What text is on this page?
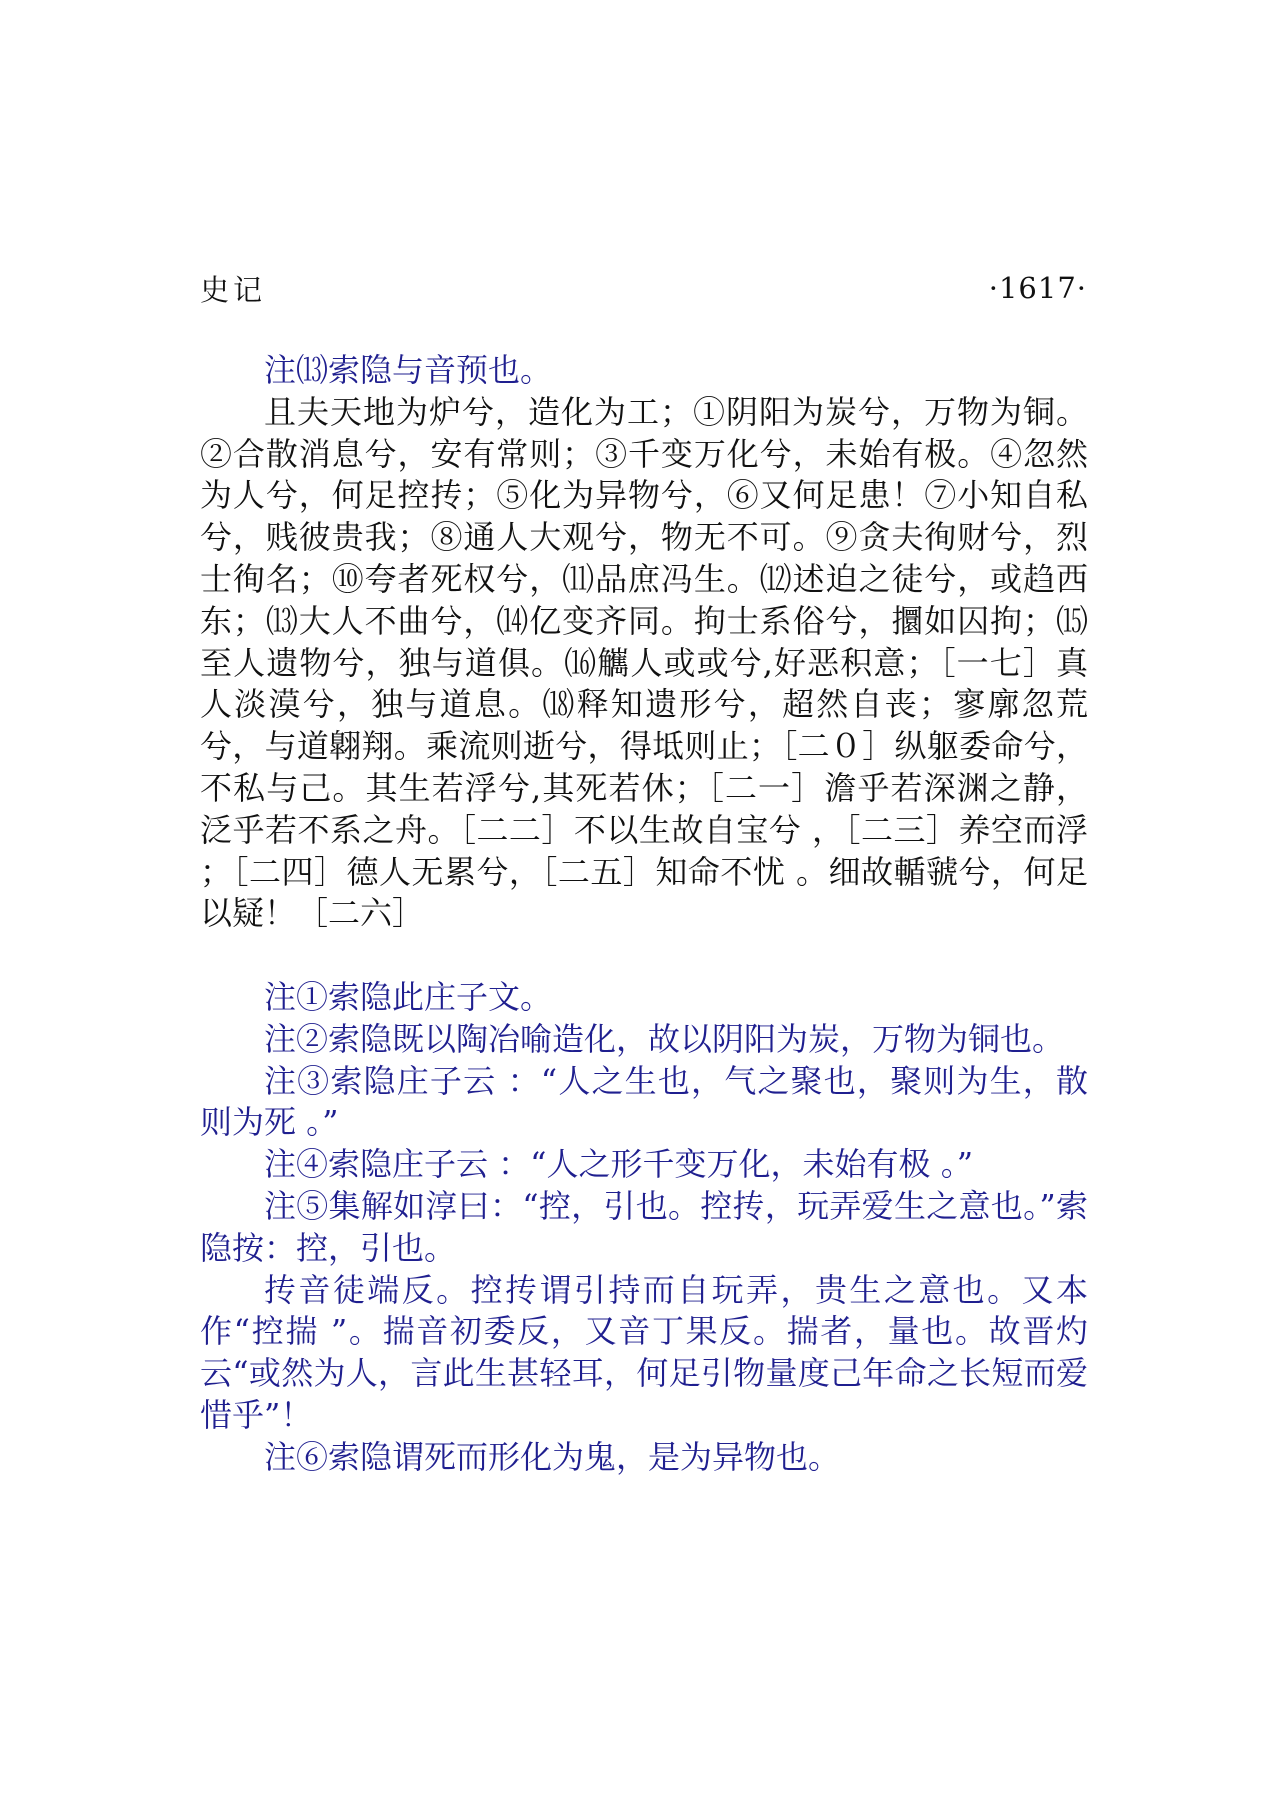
史记	·1617·

注⒀索隐与音预也。

且夫天地为炉兮，造化为工；①阴阳为炭兮，万物为铜。②合散消息兮，安有常则；③千变万化兮，未始有极。④忽然为人兮，何足控抟；⑤化为异物兮，⑥又何足患！⑦小知自私兮，贱彼贵我；⑧通人大观兮，物无不可。⑨贪夫徇财兮，烈士徇名；⑩夸者死权兮，⑾品庶冯生。⑿述迫之徒兮，或趋西东；⒀大人不曲兮，⒁亿变齐同。拘士系俗兮，攌如囚拘；⒂至人遗物兮，独与道俱。⒃觽人或或兮,好恶积意；［一七］真人淡漠兮，独与道息。⒅释知遗形兮，超然自丧；寥廓忽荒兮，与道翺翔。乘流则逝兮，得坻则止；［二０］纵躯委命兮，不私与己。其生若浮兮,其死若休；［二一］澹乎若深渊之静，泛乎若不系之舟。［二二］不以生故自宝兮 ，［二三］养空而浮 ；［二四］德人无累兮，［二五］知命不忧 。细故輴虢兮，何足以疑！［二六］

注①索隐此庄子文。

注②索隐既以陶冶喻造化，故以阴阳为炭，万物为铜也。

注③索隐庄子云 ：“人之生也，气之聚也，聚则为生，散则为死 。”

注④索隐庄子云 ：“人之形千变万化，未始有极 。”

注⑤集解如淳曰：“控，引也。控抟，玩弄爱生之意也。”索隐按：控，引也。

抟音徒端反。控抟谓引持而自玩弄，贵生之意也。又本作“控揣 ”。揣音初委反，又音丁果反。揣者，量也。故晋灼云“或然为人，言此生甚轻耳，何足引物量度己年命之长短而爱惜乎”！

注⑥索隐谓死而形化为鬼，是为异物也。
